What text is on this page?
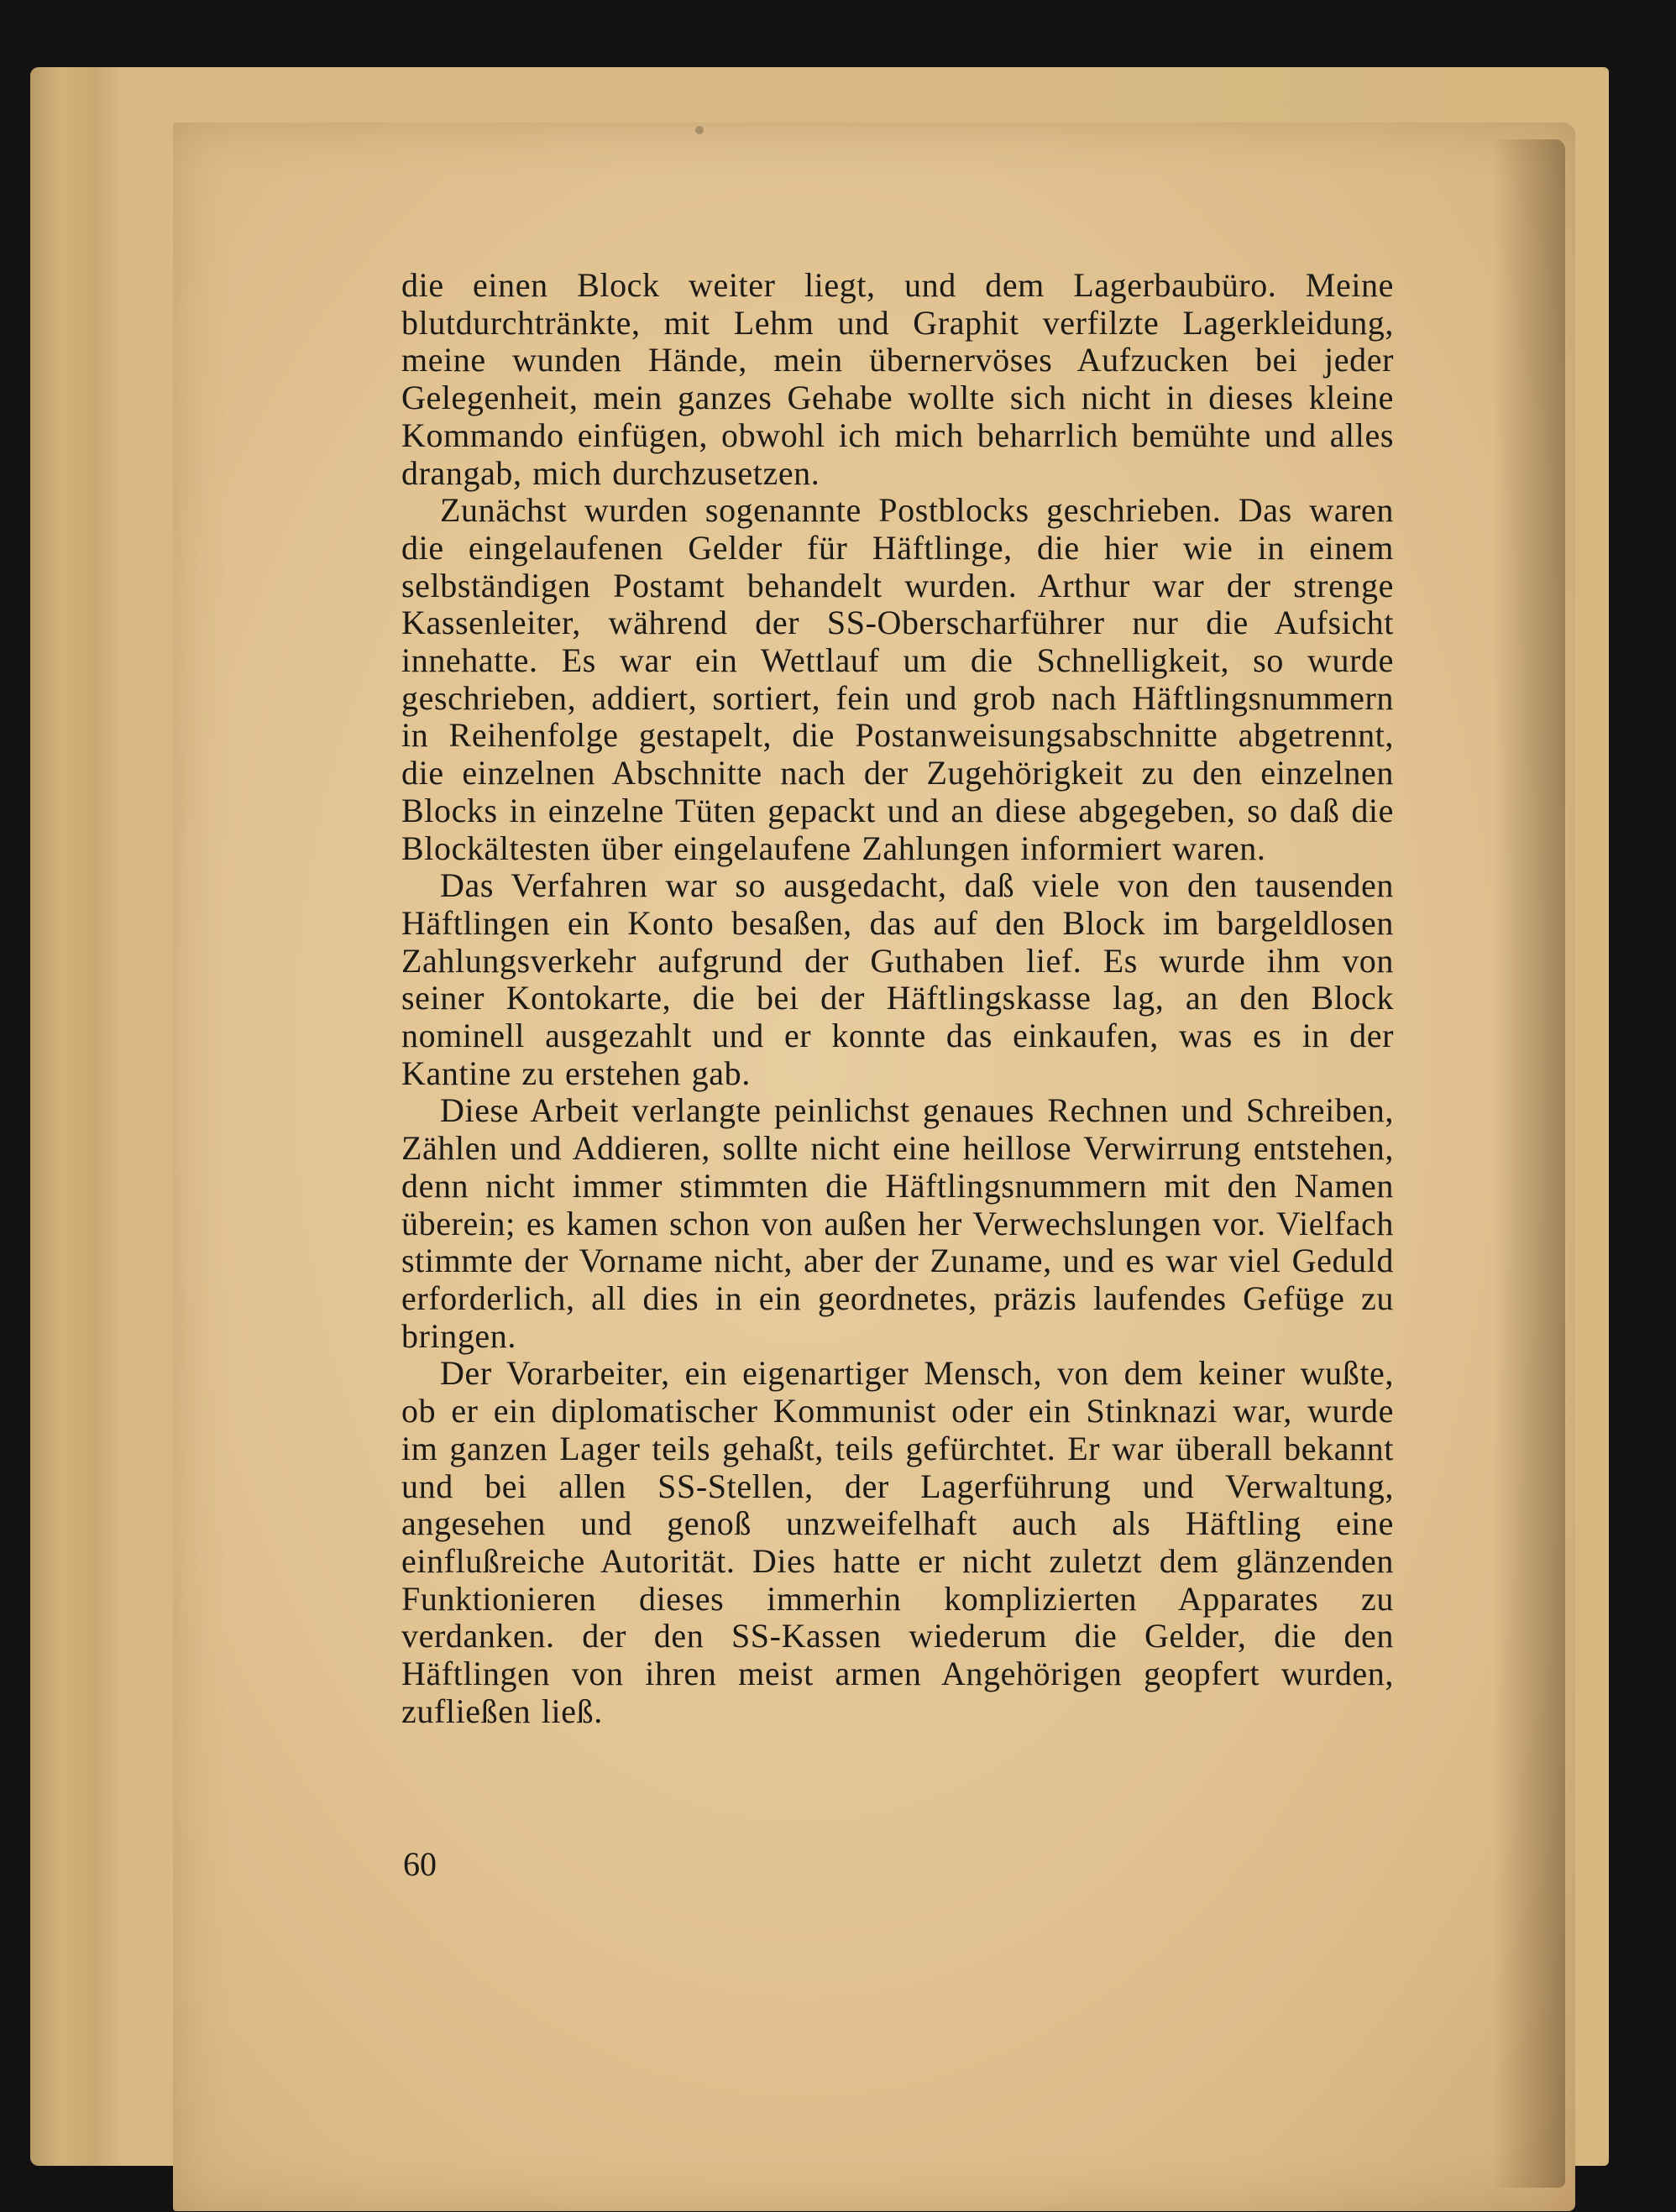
die einen Block weiter liegt, und dem Lagerbaubüro. Meine blutdurchtränkte, mit Lehm und Graphit verfilzte Lagerkleidung, meine wunden Hände, mein übernervöses Aufzucken bei jeder Gelegenheit, mein ganzes Gehabe wollte sich nicht in dieses kleine Kommando einfügen, obwohl ich mich beharrlich bemühte und alles drangab, mich durchzusetzen.

Zunächst wurden sogenannte Postblocks geschrieben. Das waren die eingelaufenen Gelder für Häftlinge, die hier wie in einem selbständigen Postamt behandelt wurden. Arthur war der strenge Kassenleiter, während der SS-Oberscharführer nur die Aufsicht innehatte. Es war ein Wettlauf um die Schnelligkeit, so wurde geschrieben, addiert, sortiert, fein und grob nach Häftlingsnummern in Reihenfolge gestapelt, die Postanweisungsabschnitte abgetrennt, die einzelnen Abschnitte nach der Zugehörigkeit zu den einzelnen Blocks in einzelne Tüten gepackt und an diese abgegeben, so daß die Blockältesten über eingelaufene Zahlungen informiert waren.

Das Verfahren war so ausgedacht, daß viele von den tausenden Häftlingen ein Konto besaßen, das auf den Block im bargeldlosen Zahlungsverkehr aufgrund der Guthaben lief. Es wurde ihm von seiner Kontokarte, die bei der Häftlingskasse lag, an den Block nominell ausgezahlt und er konnte das einkaufen, was es in der Kantine zu erstehen gab.

Diese Arbeit verlangte peinlichst genaues Rechnen und Schreiben, Zählen und Addieren, sollte nicht eine heillose Verwirrung entstehen, denn nicht immer stimmten die Häftlingsnummern mit den Namen überein; es kamen schon von außen her Verwechslungen vor. Vielfach stimmte der Vorname nicht, aber der Zuname, und es war viel Geduld erforderlich, all dies in ein geordnetes, präzis laufendes Gefüge zu bringen.

Der Vorarbeiter, ein eigenartiger Mensch, von dem keiner wußte, ob er ein diplomatischer Kommunist oder ein Stinknazi war, wurde im ganzen Lager teils gehaßt, teils gefürchtet. Er war überall bekannt und bei allen SS-Stellen, der Lagerführung und Verwaltung, angesehen und genoß unzweifelhaft auch als Häftling eine einflußreiche Autorität. Dies hatte er nicht zuletzt dem glänzenden Funktionieren dieses immerhin komplizierten Apparates zu verdanken. der den SS-Kassen wiederum die Gelder, die den Häftlingen von ihren meist armen Angehörigen geopfert wurden, zufließen ließ.

60
